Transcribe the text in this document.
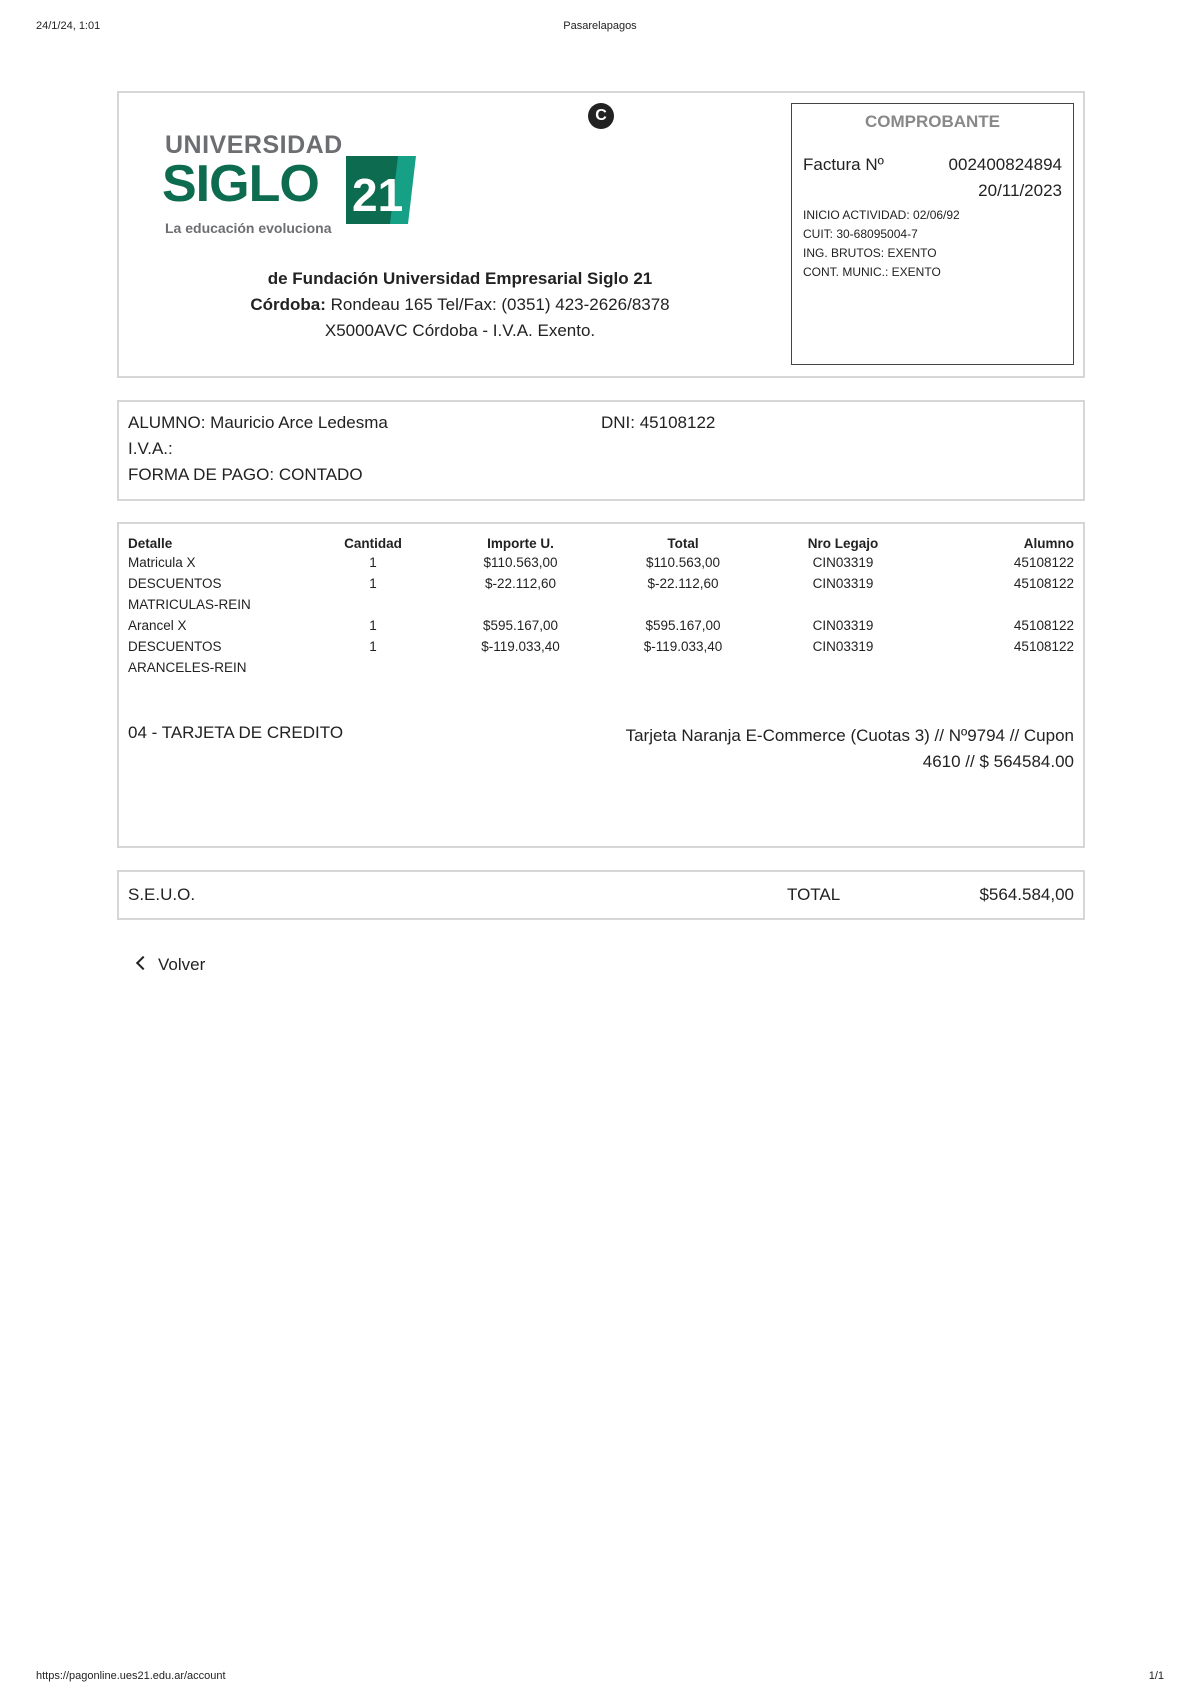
24/1/24, 1:01	Pasarelapagos
https://pagonline.ues21.edu.ar/account	1/1
UNIVERSIDAD
SIGLO 21
La educación evoluciona
C
de Fundación Universidad Empresarial Siglo 21
Córdoba: Rondeau 165 Tel/Fax: (0351) 423-2626/8378
X5000AVC Córdoba - I.V.A. Exento.
COMPROBANTE
Factura Nº	002400824894
20/11/2023
INICIO ACTIVIDAD: 02/06/92
CUIT: 30-68095004-7
ING. BRUTOS: EXENTO
CONT. MUNIC.: EXENTO
ALUMNO: Mauricio Arce Ledesma	DNI: 45108122
I.V.A.:
FORMA DE PAGO: CONTADO
Detalle	Cantidad	Importe U.	Total	Nro Legajo	Alumno
Matricula X	1	$110.563,00	$110.563,00	CIN03319	45108122
DESCUENTOS	1	$-22.112,60	$-22.112,60	CIN03319	45108122
MATRICULAS-REIN					
Arancel X	1	$595.167,00	$595.167,00	CIN03319	45108122
DESCUENTOS	1	$-119.033,40	$-119.033,40	CIN03319	45108122
ARANCELES-REIN					
04 - TARJETA DE CREDITO	Tarjeta Naranja E-Commerce (Cuotas 3) // Nº9794 // Cupon
4610 // $ 564584.00
S.E.U.O.	TOTAL	$564.584,00
Volver
